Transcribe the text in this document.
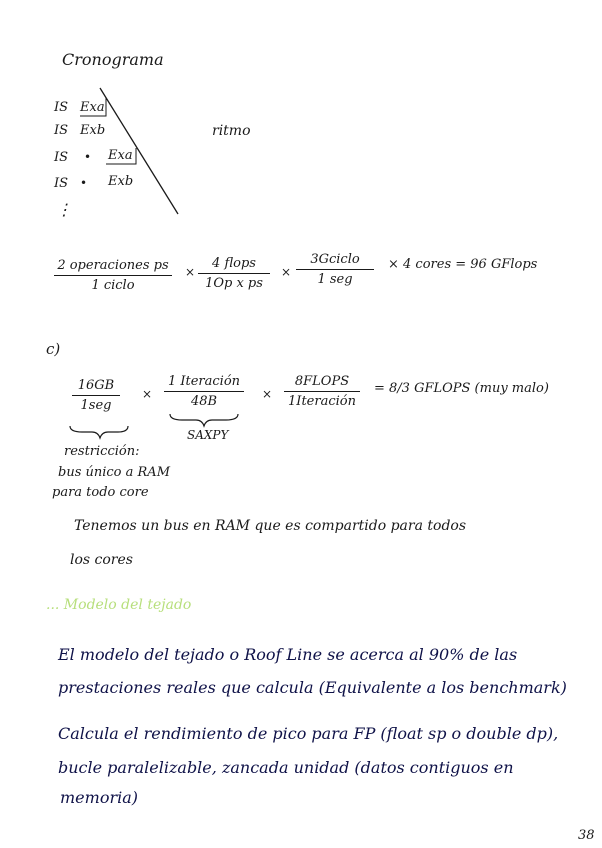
Cronograma
IS Exa
IS Exb
IS • Exa
IS • Exb
⋮
ritmo
2 operaciones ps
1 ciclo
×
4 flops
1Op x ps
×
3Gciclo
1 seg
× 4 cores = 96 GFlops
c)
16GB
1seg
×
1 Iteración
48B	×
8FLOPS
1Iteración
= 8/3 GFLOPS (muy malo)
SAXPY
restricción:
bus único a RAM
para todo core
Tenemos un bus en RAM que es compartido para todos
los cores
... Modelo del tejado
El modelo del tejado o Roof Line se acerca al 90% de las
prestaciones reales que calcula (Equivalente a los benchmark)
Calcula el rendimiento de pico para FP (float sp o double dp),
bucle paralelizable, zancada unidad (datos contiguos en
memoria)
38
